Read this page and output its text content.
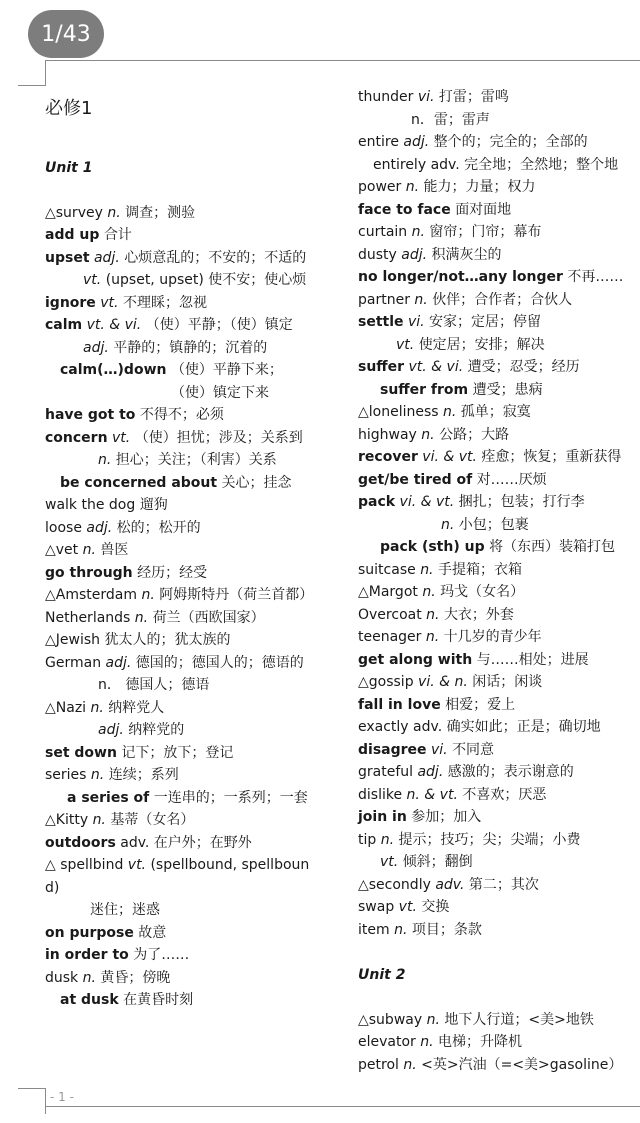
1/43
必修1
Unit 1
△survey n. 调查；测验
add up 合计
upset adj. 心烦意乱的；不安的；不适的
vt. (upset, upset) 使不安；使心烦
ignore vt. 不理睬；忽视
calm vt. & vi. （使）平静；（使）镇定
adj. 平静的；镇静的；沉着的
calm(…)down （使）平静下来；
（使）镇定下来
have got to 不得不；必须
concern vt. （使）担忧；涉及；关系到
n. 担心；关注；（利害）关系
be concerned about 关心；挂念
walk the dog 遛狗
loose adj. 松的；松开的
△vet n. 兽医
go through 经历；经受
△Amsterdam n. 阿姆斯特丹（荷兰首都）
Netherlands n. 荷兰（西欧国家）
△Jewish 犹太人的；犹太族的
German adj. 德国的；德国人的；德语的
n． 德国人；德语
△Nazi n. 纳粹党人
adj. 纳粹党的
set down 记下；放下；登记
series n. 连续；系列
a series of 一连串的；一系列；一套
△Kitty n. 基蒂（女名）
outdoors adv. 在户外；在野外
△ spellbind vt. (spellbound, spellbound)
迷住；迷惑
on purpose 故意
in order to 为了……
dusk n. 黄昏；傍晚
at dusk 在黄昏时刻
thunder vi. 打雷；雷鸣
n．雷；雷声
entire adj. 整个的；完全的；全部的
entirely adv. 完全地；全然地；整个地
power n. 能力；力量；权力
face to face 面对面地
curtain n. 窗帘；门帘；幕布
dusty adj. 积满灰尘的
no longer/not…any longer 不再……
partner n. 伙伴；合作者；合伙人
settle vi. 安家；定居；停留
vt. 使定居；安排；解决
suffer vt. & vi. 遭受；忍受；经历
suffer from 遭受；患病
△loneliness n. 孤单；寂寞
highway n. 公路；大路
recover vi. & vt. 痊愈；恢复；重新获得
get/be tired of 对……厌烦
pack vi. & vt. 捆扎；包装；打行李
n. 小包；包裹
pack (sth) up 将（东西）装箱打包
suitcase n. 手提箱；衣箱
△Margot n. 玛戈（女名）
Overcoat n. 大衣；外套
teenager n. 十几岁的青少年
get along with 与……相处；进展
△gossip vi. & n. 闲话；闲谈
fall in love 相爱；爱上
exactly adv. 确实如此；正是；确切地
disagree vi. 不同意
grateful adj. 感激的；表示谢意的
dislike n. & vt. 不喜欢；厌恶
join in 参加；加入
tip n. 提示；技巧；尖；尖端；小费
vt. 倾斜；翻倒
△secondly adv. 第二；其次
swap vt. 交换
item n. 项目；条款
Unit 2
△subway n. 地下人行道；<美>地铁
elevator n. 电梯；升降机
petrol n. <英>汽油（=<美>gasoline）
- 1 -
